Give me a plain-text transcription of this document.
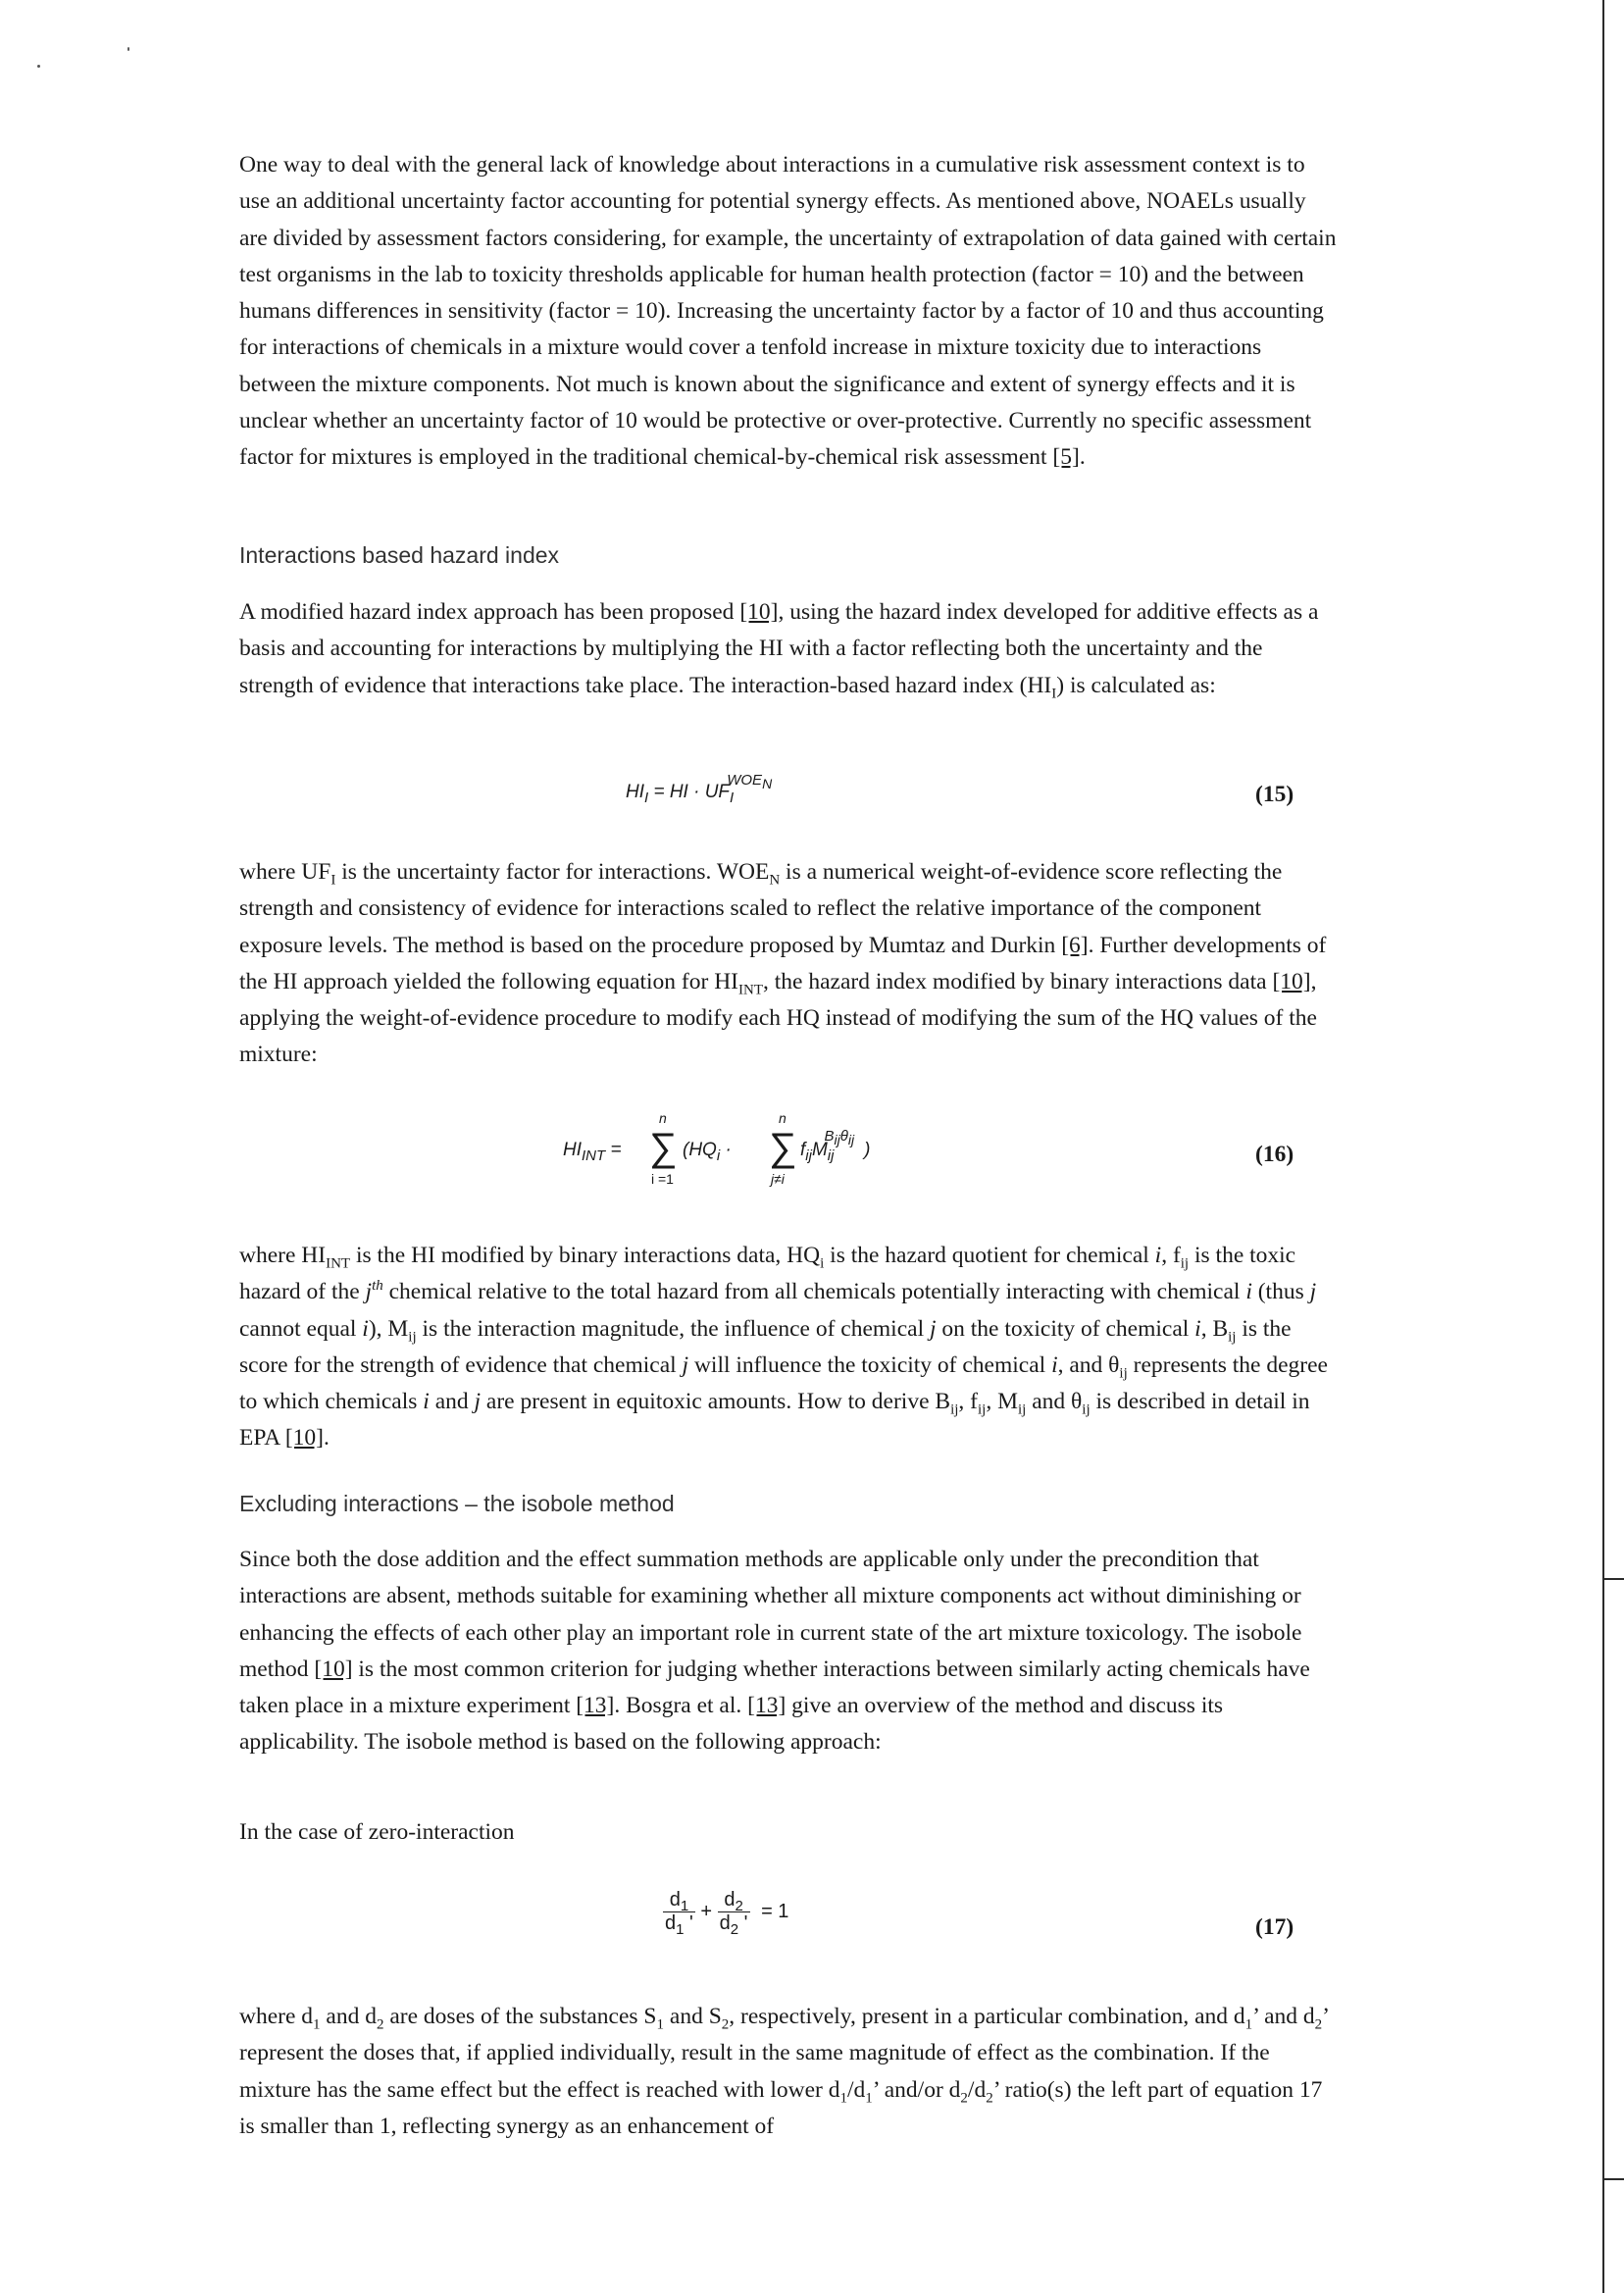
One way to deal with the general lack of knowledge about interactions in a cumulative risk assessment context is to use an additional uncertainty factor accounting for potential synergy effects. As mentioned above, NOAELs usually are divided by assessment factors considering, for example, the uncertainty of extrapolation of data gained with certain test organisms in the lab to toxicity thresholds applicable for human health protection (factor = 10) and the between humans differences in sensitivity (factor = 10). Increasing the uncertainty factor by a factor of 10 and thus accounting for interactions of chemicals in a mixture would cover a tenfold increase in mixture toxicity due to interactions between the mixture components. Not much is known about the significance and extent of synergy effects and it is unclear whether an uncertainty factor of 10 would be protective or over-protective. Currently no specific assessment factor for mixtures is employed in the traditional chemical-by-chemical risk assessment [5].

Interactions based hazard index

A modified hazard index approach has been proposed [10], using the hazard index developed for additive effects as a basis and accounting for interactions by multiplying the HI with a factor reflecting both the uncertainty and the strength of evidence that interactions take place. The interaction-based hazard index $(HI_I)$ is calculated as:

$HI_I$ = HI · $UF_I^{WOE_N}$	(15)

where $UF_I$ is the uncertainty factor for interactions. $WOE_N$ is a numerical weight-of-evidence score reflecting the strength and consistency of evidence for interactions scaled to reflect the relative importance of the component exposure levels. The method is based on the procedure proposed by Mumtaz and Durkin [6]. Further developments of the HI approach yielded the following equation for $HI_{INT}$, the hazard index modified by binary interactions data [10], applying the weight-of-evidence procedure to modify each HQ instead of modifying the sum of the HQ values of the mixture:

$HI_{INT}$ =
n
∑
i =1
($HQ_i$ ·
n
∑
j≠i
$f_{ij}M_{ij}^{B_{ij}\theta_{ij}}$)	(16)

where $HI_{INT}$ is the HI modified by binary interactions data, $HQ_i$ is the hazard quotient for chemical i, $f_{ij}$ is the toxic hazard of the $j^{th}$ chemical relative to the total hazard from all chemicals potentially interacting with chemical i (thus j cannot equal i), $M_{ij}$ is the interaction magnitude, the influence of chemical j on the toxicity of chemical i, $B_{ij}$ is the score for the strength of evidence that chemical j will influence the toxicity of chemical i, and $\theta_{ij}$ represents the degree to which chemicals i and j are present in equitoxic amounts. How to derive $B_{ij}$, $f_{ij}$, $M_{ij}$ and $\theta_{ij}$ is described in detail in EPA [10].

Excluding interactions – the isobole method

Since both the dose addition and the effect summation methods are applicable only under the precondition that interactions are absent, methods suitable for examining whether all mixture components act without diminishing or enhancing the effects of each other play an important role in current state of the art mixture toxicology. The isobole method [10] is the most common criterion for judging whether interactions between similarly acting chemicals have taken place in a mixture experiment [13]. Bosgra et al. [13] give an overview of the method and discuss its applicability. The isobole method is based on the following approach:

In the case of zero-interaction

$\frac{d_1}{d_1 '} + \frac{d_2}{d_2 '} = 1$
(17)

where $d_1$ and $d_2$ are doses of the substances $S_1$ and $S_2$, respectively, present in a particular combination, and $d_1$’ and $d_2$’ represent the doses that, if applied individually, result in the same magnitude of effect as the combination. If the mixture has the same effect but the effect is reached with lower $d_1/d_1$’ and/or $d_2/d_2$’ ratio(s) the left part of equation 17 is smaller than 1, reflecting synergy as an enhancement of
